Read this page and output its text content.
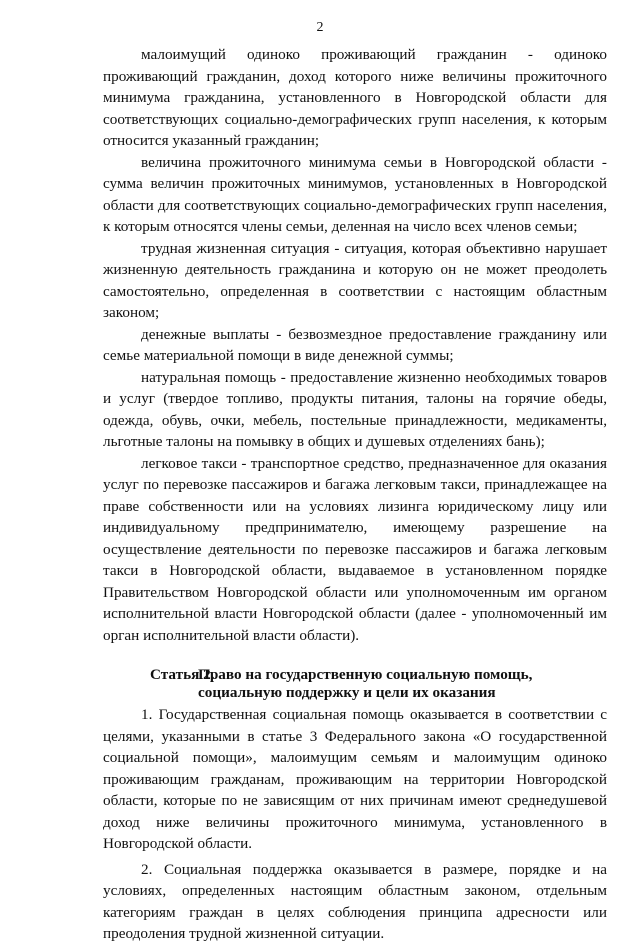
2

малоимущий одиноко проживающий гражданин - одиноко проживающий гражданин, доход которого ниже величины прожиточного минимума гражданина, установленного в Новгородской области для соответствующих социально-демографических групп населения, к которым относится указанный гражданин;

величина прожиточного минимума семьи в Новгородской области - сумма величин прожиточных минимумов, установленных в Новгородской области для соответствующих социально-демографических групп населения, к которым относятся члены семьи, деленная на число всех членов семьи;

трудная жизненная ситуация - ситуация, которая объективно нарушает жизненную деятельность гражданина и которую он не может преодолеть самостоятельно, определенная в соответствии с настоящим областным законом;

денежные выплаты - безвозмездное предоставление гражданину или семье материальной помощи в виде денежной суммы;

натуральная помощь - предоставление жизненно необходимых товаров и услуг (твердое топливо, продукты питания, талоны на горячие обеды, одежда, обувь, очки, мебель, постельные принадлежности, медикаменты, льготные талоны на помывку в общих и душевых отделениях бань);

легковое такси - транспортное средство, предназначенное для оказания услуг по перевозке пассажиров и багажа легковым такси, принадлежащее на праве собственности или на условиях лизинга юридическому лицу или индивидуальному предпринимателю, имеющему разрешение на осуществление деятельности по перевозке пассажиров и багажа легковым такси в Новгородской области, выдаваемое в установленном порядке Правительством Новгородской области или уполномоченным им органом исполнительной власти Новгородской области (далее - уполномоченный им орган исполнительной власти области).

Статья 2.
Право на государственную социальную помощь,
социальную поддержку и цели их оказания

1. Государственная социальная помощь оказывается в соответствии с целями, указанными в статье 3 Федерального закона «О государственной социальной помощи», малоимущим семьям и малоимущим одиноко проживающим гражданам, проживающим на территории Новгородской области, которые по не зависящим от них причинам имеют среднедушевой доход ниже величины прожиточного минимума, установленного в Новгородской области.

2. Социальная поддержка оказывается в размере, порядке и на условиях, определенных настоящим областным законом, отдельным категориям граждан в целях соблюдения принципа адресности или преодоления трудной жизненной ситуации.
